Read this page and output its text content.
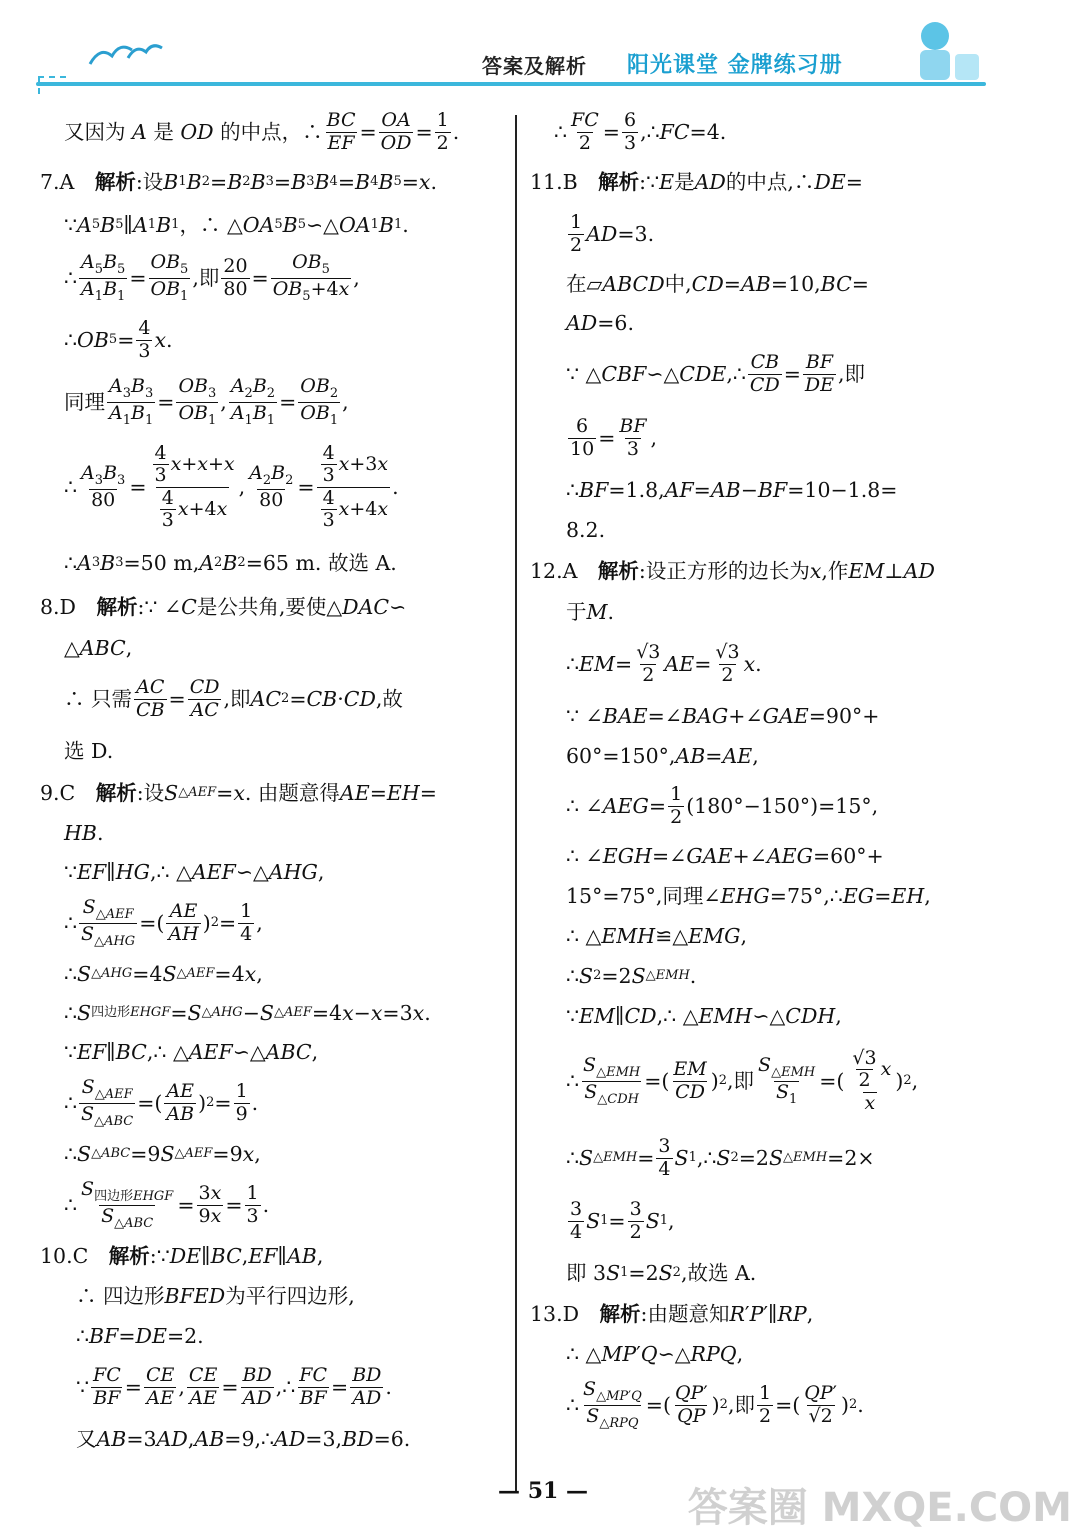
答案及解析 阳光课堂 金牌练习册
又因为 A 是 OD 的中点，∴ $\frac{BC}{EF} = \frac{OA}{OD} = \frac{1}{2}$ .
7.A　 解析 :设 B 1 B 2 = B 2 B 3 = B 3 B 4 = B 4 B 5 = x .
∵ A 5 B 5 ∥ A 1 B 1 ，∴ △ OA 5 B 5 ∽△ OA 1 B 1 .
∴ $\frac{A_5B_5}{A_1B_1} = \frac{OB_5}{OB_1}$ ,即 $\frac{20}{80} = \frac{OB_5}{OB_5+4x}$ ,
∴ OB $5 = \frac{4}{3}$ x .
同理 $\frac{A_3B_3}{A_1B_1} = \frac{OB_3}{OB_1}$ , $\frac{A_2B_2}{A_1B_1} = \frac{OB_2}{OB_1}$ ,
∴ $\frac{A_3B_3}{80} = \frac{\frac{4}{3} x+x+x}{\frac{4}{3} x+4x}$ , $\frac{A_2B_2}{80} = \frac{\frac{4}{3} x+3x}{\frac{4}{3} x+4x}$ .
∴ A 3 B 3 =50 m, A 2 B 2 =65 m. 故选 A.
8.D　 解析 :∵ ∠ C 是公共角,要使△ DAC ∽
△ ABC ,
∴ 只需 $\frac{AC}{CB} = \frac{CD}{AC}$ ,即 AC 2 = CB · CD ,故
选 D.
9.C　 解析 :设 S △AEF = x . 由题意得 AE = EH =
HB .
∵ EF ∥ HG ,∴ △ AEF ∽△ AHG ,
∴ $\frac{S_{\triangle AEF}}{S_{\triangle AHG}}$ =( $\frac{AE}{AH}$ ) $2 = \frac{1}{4}$ ,
∴ S △AHG =4 S △AEF =4 x ,
∴ S 四边形EHGF = S △AHG − S △AEF =4 x − x =3 x .
∵ EF ∥ BC ,∴ △ AEF ∽△ ABC ,
∴ $\frac{S_{\triangle AEF}}{S_{\triangle ABC}}$ =( $\frac{AE}{AB}$ ) $2 = \frac{1}{9}$ .
∴ S △ABC =9 S △AEF =9 x ,
∴ $\frac{S_{四边形EHGF}}{S_{\triangle ABC}} = \frac{3x}{9x} = \frac{1}{3}$ .
10.C　 解析 :∵ DE ∥ BC , EF ∥ AB ,
∴ 四边形 BFED 为平行四边形,
∴ BF = DE =2.
∵ $\frac{FC}{BF} = \frac{CE}{AE}$ , $\frac{CE}{AE} = \frac{BD}{AD}$ ,∴ $\frac{FC}{BF} = \frac{BD}{AD}$ .
又 AB =3 AD , AB =9,∴ AD =3, BD =6.
∴ $\frac{FC}{2} = \frac{6}{3}$ ,∴ FC =4.
11.B　 解析 :∵ E 是 AD 的中点,∴ DE =
$\frac{1}{2}$ AD =3.
在▱ ABCD 中, CD = AB =10, BC =
AD =6.
∵ △ CBF ∽△ CDE ,∴ $\frac{CB}{CD} = \frac{BF}{DE}$ ,即
$\frac{6}{10} = \frac{BF}{3}$ ,
∴ BF =1.8, AF = AB − BF =10−1.8=
8.2.
12.A　 解析 :设正方形的边长为 x ,作 EM ⊥ AD
于 M .
∴ EM = $\frac{√3}{2}$ AE = $\frac{√3}{2}$ x .
∵ ∠ BAE =∠ BAG +∠ GAE =90°+
60°=150°, AB = AE ,
∴ ∠ AEG = $\frac{1}{2} (180^\circ-150^\circ)=15^\circ$,
∴ ∠ EGH =∠ GAE +∠ AEG =60°+
15°=75°,同理∠ EHG =75°,∴ EG = EH ,
∴ △ EMH ≌△ EMG ,
∴ S 2 =2 S △EMH .
∵ EM ∥ CD ,∴ △ EMH ∽△ CDH ,
∴ $\frac{S_{\triangle EMH}}{S_{\triangle CDH}}$ =( $\frac{EM}{CD}$ ) 2 ,即 $\frac{S_{\triangle EMH}}{S_1}$ =( $\frac{\frac{√3}{2} x}{x}$ ) 2 ,
∴ S △EMH = $\frac{3}{4}$ S 1 ,∴ S 2 =2 S △EMH =2×
$\frac{3}{4}$ S $1 = \frac{3}{2}$ S 1 ,
即 3 S 1 =2 S 2 ,故选 A.
13.D　 解析 :由题意知 R ′ P ′∥ RP ,
∴ △ MP ′ Q ∽△ RPQ ,
∴ $\frac{S_{\triangle MP'Q}}{S_{\triangle RPQ}}$ =( $\frac{QP'}{QP}$ ) 2 ,即 $\frac{1}{2}$ =( $\frac{QP'}{√2}$ ) 2 .
— 51 —	答案圈 MXQE.COM
